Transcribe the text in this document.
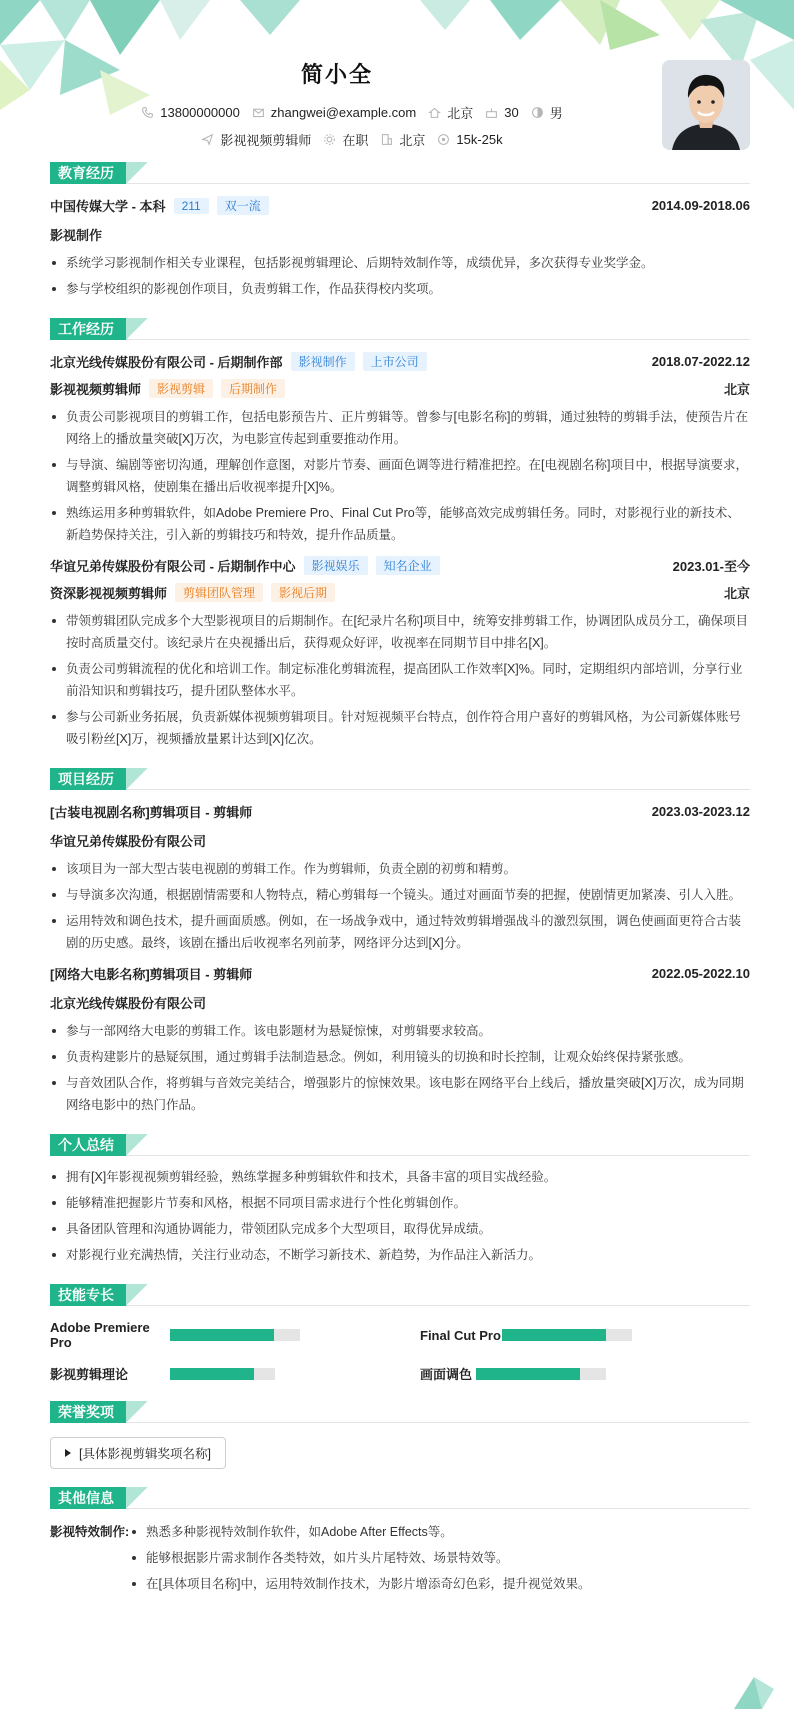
简小全
13800000000 zhangwei@example.com 北京 30 男
影视视频剪辑师 在职 北京 15k-25k
教育经历
中国传媒大学 - 本科	211	双一流	2014.09-2018.06
影视制作
系统学习影视制作相关专业课程，包括影视剪辑理论、后期特效制作等，成绩优异，多次获得专业奖学金。
参与学校组织的影视创作项目，负责剪辑工作，作品获得校内奖项。
工作经历
北京光线传媒股份有限公司 - 后期制作部	影视制作	上市公司	2018.07-2022.12
影视视频剪辑师	影视剪辑	后期制作	北京
负责公司影视项目的剪辑工作，包括电影预告片、正片剪辑等。曾参与[电影名称]的剪辑，通过独特的剪辑手法，使预告片在网络上的播放量突破[X]万次，为电影宣传起到重要推动作用。
与导演、编剧等密切沟通，理解创作意图，对影片节奏、画面色调等进行精准把控。在[电视剧名称]项目中，根据导演要求，调整剪辑风格，使剧集在播出后收视率提升[X]%。
熟练运用多种剪辑软件，如Adobe Premiere Pro、Final Cut Pro等，能够高效完成剪辑任务。同时，对影视行业的新技术、新趋势保持关注，引入新的剪辑技巧和特效，提升作品质量。
华谊兄弟传媒股份有限公司 - 后期制作中心	影视娱乐	知名企业	2023.01-至今
资深影视视频剪辑师	剪辑团队管理	影视后期	北京
带领剪辑团队完成多个大型影视项目的后期制作。在[纪录片名称]项目中，统筹安排剪辑工作，协调团队成员分工，确保项目按时高质量交付。该纪录片在央视播出后，获得观众好评，收视率在同期节目中排名[X]。
负责公司剪辑流程的优化和培训工作。制定标准化剪辑流程，提高团队工作效率[X]%。同时，定期组织内部培训，分享行业前沿知识和剪辑技巧，提升团队整体水平。
参与公司新业务拓展，负责新媒体视频剪辑项目。针对短视频平台特点，创作符合用户喜好的剪辑风格，为公司新媒体账号吸引粉丝[X]万，视频播放量累计达到[X]亿次。
项目经历
[古装电视剧名称]剪辑项目 - 剪辑师	2023.03-2023.12
华谊兄弟传媒股份有限公司
该项目为一部大型古装电视剧的剪辑工作。作为剪辑师，负责全剧的初剪和精剪。
与导演多次沟通，根据剧情需要和人物特点，精心剪辑每一个镜头。通过对画面节奏的把握，使剧情更加紧凑、引人入胜。
运用特效和调色技术，提升画面质感。例如，在一场战争戏中，通过特效剪辑增强战斗的激烈氛围，调色使画面更符合古装剧的历史感。最终，该剧在播出后收视率名列前茅，网络评分达到[X]分。
[网络大电影名称]剪辑项目 - 剪辑师	2022.05-2022.10
北京光线传媒股份有限公司
参与一部网络大电影的剪辑工作。该电影题材为悬疑惊悚，对剪辑要求较高。
负责构建影片的悬疑氛围，通过剪辑手法制造悬念。例如，利用镜头的切换和时长控制，让观众始终保持紧张感。
与音效团队合作，将剪辑与音效完美结合，增强影片的惊悚效果。该电影在网络平台上线后，播放量突破[X]万次，成为同期网络电影中的热门作品。
个人总结
拥有[X]年影视视频剪辑经验，熟练掌握多种剪辑软件和技术，具备丰富的项目实战经验。
能够精准把握影片节奏和风格，根据不同项目需求进行个性化剪辑创作。
具备团队管理和沟通协调能力，带领团队完成多个大型项目，取得优异成绩。
对影视行业充满热情，关注行业动态，不断学习新技术、新趋势，为作品注入新活力。
技能专长
Adobe Premiere Pro	Final Cut Pro
影视剪辑理论	画面调色
荣誉奖项
[具体影视剪辑奖项名称]
其他信息
影视特效制作:	熟悉多种影视特效制作软件，如Adobe After Effects等。
能够根据影片需求制作各类特效，如片头片尾特效、场景特效等。
在[具体项目名称]中，运用特效制作技术，为影片增添奇幻色彩，提升视觉效果。
